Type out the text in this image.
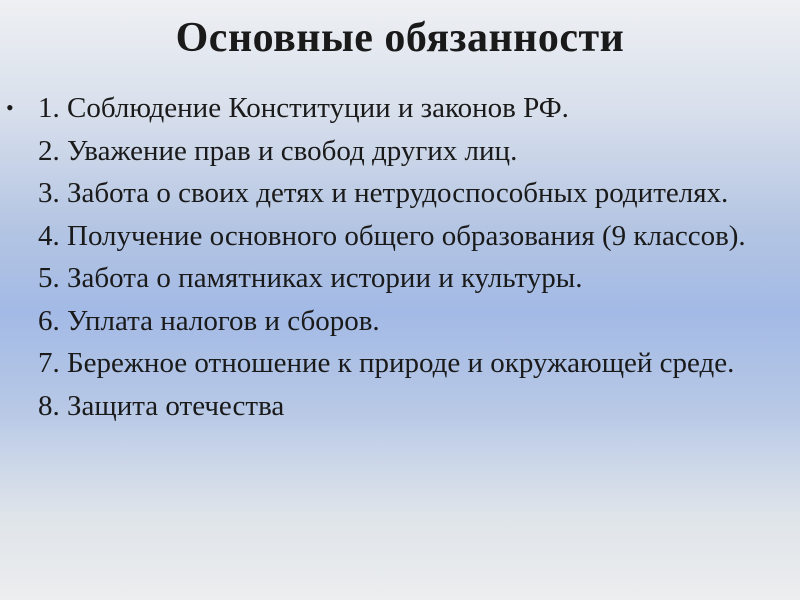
Основные обязанности
• 1. Соблюдение Конституции и законов РФ.
2. Уважение прав и свобод других лиц.
3. Забота о своих детях и нетрудоспособных родителях.
4. Получение основного общего образования (9 классов).
5. Забота о памятниках истории и культуры.
6. Уплата налогов и сборов.
7. Бережное отношение к природе и окружающей среде.
8. Защита отечества
